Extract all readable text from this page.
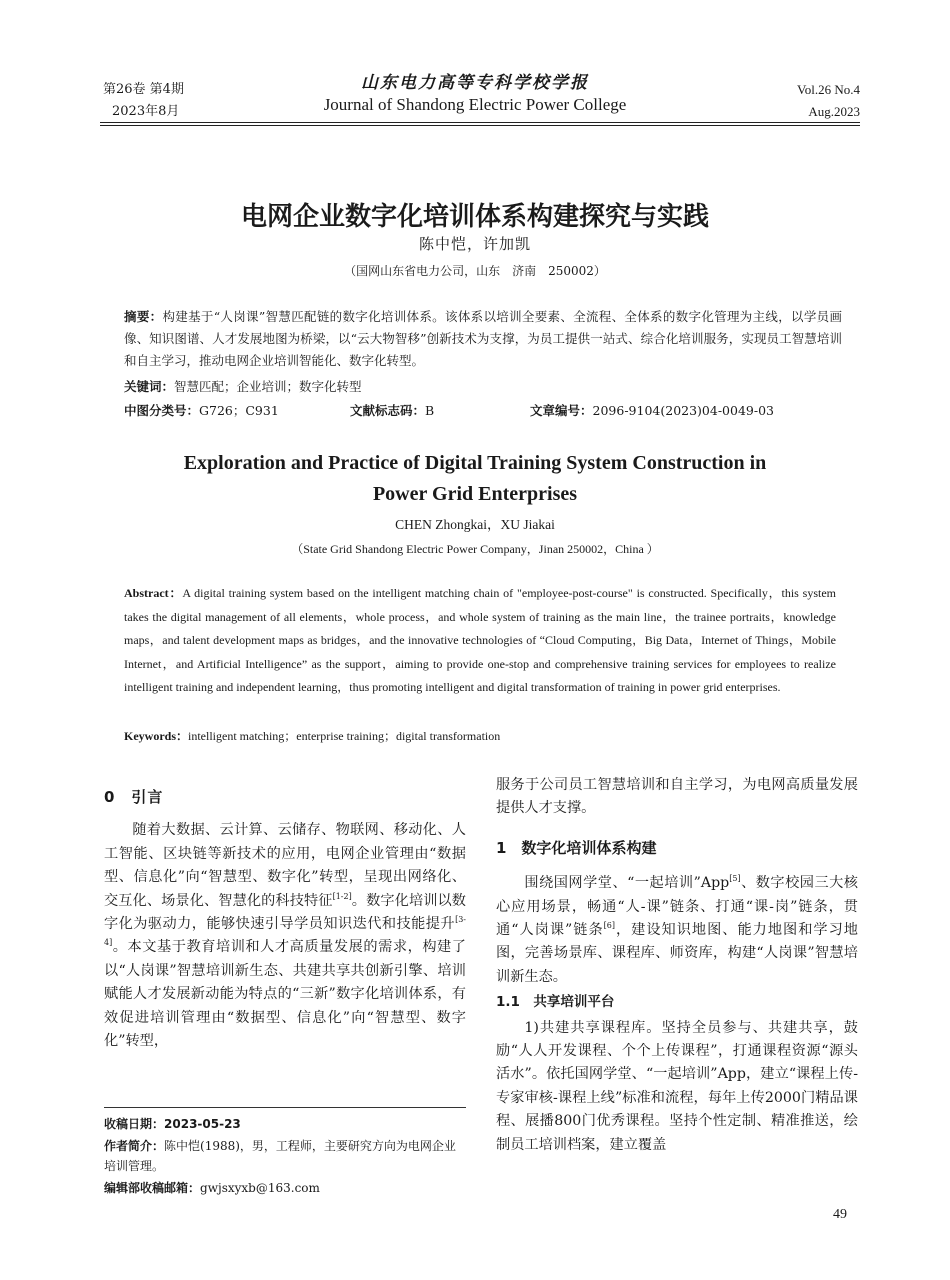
第26卷 第4期
2023年8月
山东电力高等专科学校学报
Journal of Shandong Electric Power College
Vol.26 No.4
Aug.2023
电网企业数字化培训体系构建探究与实践
陈中恺，许加凯
（国网山东省电力公司，山东　济南　250002）
摘要：构建基于“人岗课”智慧匹配链的数字化培训体系。该体系以培训全要素、全流程、全体系的数字化管理为主线，以学员画像、知识图谱、人才发展地图为桥梁，以“云大物智移”创新技术为支撑，为员工提供一站式、综合化培训服务，实现员工智慧培训和自主学习，推动电网企业培训智能化、数字化转型。
关键词：智慧匹配；企业培训；数字化转型
中图分类号：G726；C931	文献标志码：B	文章编号：2096-9104(2023)04-0049-03
Exploration and Practice of Digital Training System Construction in
Power Grid Enterprises
CHEN Zhongkai，XU Jiakai
（State Grid Shandong Electric Power Company，Jinan 250002，China ）
Abstract：A digital training system based on the intelligent matching chain of "employee-post-course" is constructed. Specifically，this system takes the digital management of all elements，whole process，and whole system of training as the main line，the trainee portraits，knowledge maps，and talent development maps as bridges，and the innovative technologies of “Cloud Computing，Big Data，Internet of Things，Mobile Internet，and Artificial Intelligence” as the support，aiming to provide one-stop and comprehensive training services for employees to realize intelligent training and independent learning，thus promoting intelligent and digital transformation of training in power grid enterprises.
Keywords：intelligent matching；enterprise training；digital transformation
0　引言

随着大数据、云计算、云储存、物联网、移动化、人工智能、区块链等新技术的应用，电网企业管理由“数据型、信息化”向“智慧型、数字化”转型，呈现出网络化、交互化、场景化、智慧化的科技特征[1-2]。数字化培训以数字化为驱动力，能够快速引导学员知识迭代和技能提升[3-4]。本文基于教育培训和人才高质量发展的需求，构建了以“人岗课”智慧培训新生态、共建共享共创新引擎、培训赋能人才发展新动能为特点的“三新”数字化培训体系，有效促进培训管理由“数据型、信息化”向“智慧型、数字化”转型，

收稿日期：2023-05-23
作者简介：陈中恺(1988)，男，工程师，主要研究方向为电网企业培训管理。
编辑部收稿邮箱：gwjsxyxb@163.com

服务于公司员工智慧培训和自主学习，为电网高质量发展提供人才支撑。

1　数字化培训体系构建

围绕国网学堂、“一起培训”App[5]、数字校园三大核心应用场景，畅通“人-课”链条、打通“课-岗”链条，贯通“人岗课”链条[6]，建设知识地图、能力地图和学习地图，完善场景库、课程库、师资库，构建“人岗课”智慧培训新生态。

1.1　共享培训平台

1)共建共享课程库。坚持全员参与、共建共享，鼓励“人人开发课程、个个上传课程”，打通课程资源“源头活水”。依托国网学堂、“一起培训”App，建立“课程上传-专家审核-课程上线”标准和流程，每年上传2000门精品课程、展播800门优秀课程。坚持个性定制、精准推送，绘制员工培训档案，建立覆盖

49
